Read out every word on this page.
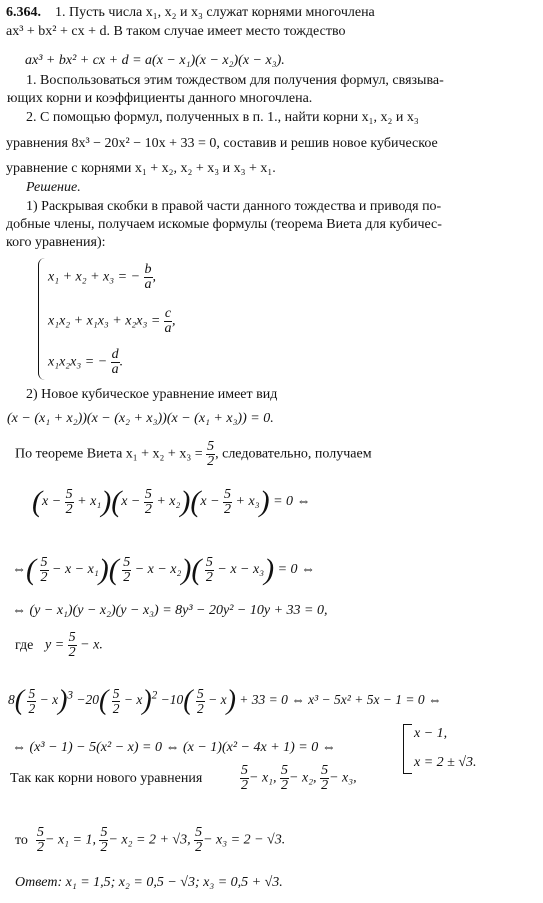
6.364. 1. Пусть числа x₁, x₂ и x₃ служат корнями многочлена
ax³ + bx² + cx + d. В таком случае имеет место тождество
ax³ + bx² + cx + d = a(x − x₁)(x − x₂)(x − x₃).
1. Воспользоваться этим тождеством для получения формул, связыва-
ющих корни и коэффициенты данного многочлена.
2. С помощью формул, полученных в п. 1., найти корни x₁, x₂ и x₃
уравнения 8x³ − 20x² − 10x + 33 = 0, составив и решив новое кубическое
уравнение с корнями x₁ + x₂, x₂ + x₃ и x₃ + x₁.
Решение.
1) Раскрывая скобки в правой части данного тождества и приводя по-
добные члены, получаем искомые формулы (теорема Виета для кубичес-
кого уравнения):
x₁ + x₂ + x₃ = − $\frac{b}{a}$ ,
$x_1x_2 + x_1x_3 + x_2x_3 = \frac{c}{a}$ ,
x₁x₂x₃ = − $\frac{d}{a}$ .
2) Новое кубическое уравнение имеет вид
(x − (x₁ + x₂))(x − (x₂ + x₃))(x − (x₁ + x₃)) = 0.
По теореме Виета $x_1 + x_2 + x_3 = \frac{5}{2}$ , следовательно, получаем
$(x - \frac{5}{2} + x_1)(x - \frac{5}{2} + x_2)(x - \frac{5}{2} + x_3) = 0$ ⇔
⇔( $\frac{5}{2} - x - x_1)( \frac{5}{2} - x - x_2)( \frac{5}{2} - x - x_3) = 0$ ⇔
⇔ (y − x₁)(y − x₂)(y − x₃) = 8y³ − 20y² − 10y + 33 = 0,
где $y = \frac{5}{2} - x$.
$8( \frac{5}{2} - x)^3 -20( \frac{5}{2} - x)^2 -10( \frac{5}{2} - x) + 33 = 0$ ⇔ x³ − 5x² + 5x − 1 = 0 ⇔
⇔ (x³ − 1) − 5(x² − x) = 0 ⇔ (x − 1)(x² − 4x + 1) = 0 ⇔
x − 1,
x = 2 ± √3.
Так как корни нового уравнения	$\frac{5}{2} - x_1$, $\frac{5}{2} - x_2$, $\frac{5}{2} - x_3$,
то $\frac{5}{2} - x_1 = 1$, $\frac{5}{2} - x_2 = 2 + √3$, $\frac{5}{2} - x_3 = 2 - √3$.
Ответ: x₁ = 1,5; x₂ = 0,5 − √3; x₃ = 0,5 + √3.
